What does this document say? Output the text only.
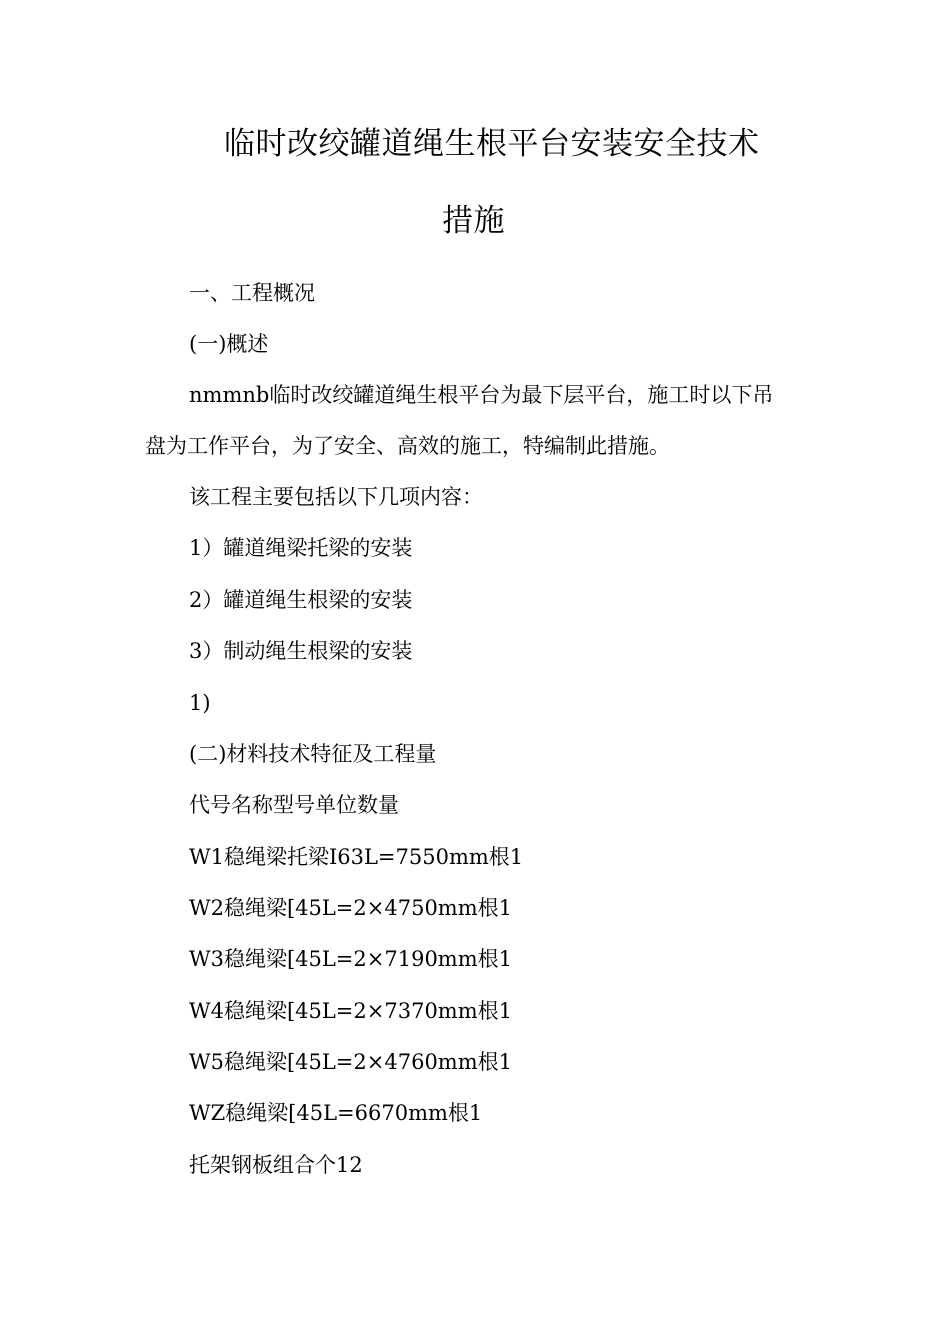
临时改绞罐道绳生根平台安装安全技术
措施
一、工程概况
(一)概述
nmmnb临时改绞罐道绳生根平台为最下层平台，施工时以下吊
盘为工作平台，为了安全、高效的施工，特编制此措施。
该工程主要包括以下几项内容：
1）罐道绳梁托梁的安装
2）罐道绳生根梁的安装
3）制动绳生根梁的安装
1)
(二)材料技术特征及工程量
代号名称型号单位数量
W1稳绳梁托梁I63L=7550mm根1
W2稳绳梁[45L=2×4750mm根1
W3稳绳梁[45L=2×7190mm根1
W4稳绳梁[45L=2×7370mm根1
W5稳绳梁[45L=2×4760mm根1
WZ稳绳梁[45L=6670mm根1
托架钢板组合个12
